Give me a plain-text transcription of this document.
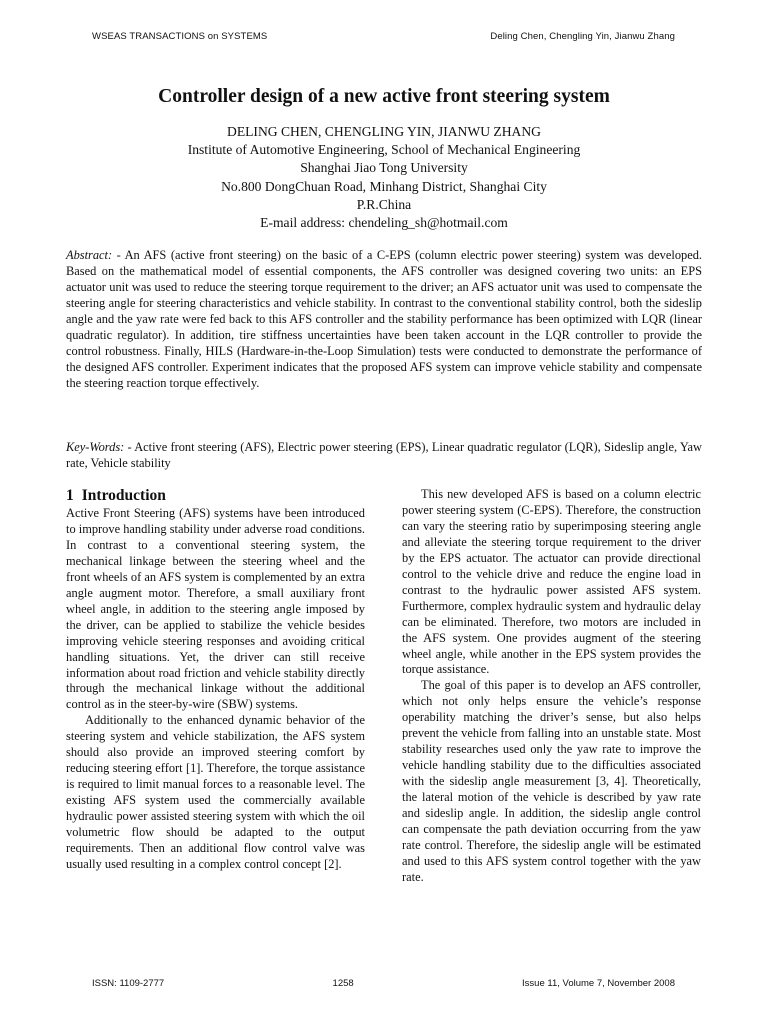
WSEAS TRANSACTIONS on SYSTEMS	Deling Chen, Chengling Yin, Jianwu Zhang
Controller design of a new active front steering system
DELING CHEN, CHENGLING YIN, JIANWU ZHANG
Institute of Automotive Engineering, School of Mechanical Engineering
Shanghai Jiao Tong University
No.800 DongChuan Road, Minhang District, Shanghai City
P.R.China
E-mail address: chendeling_sh@hotmail.com

Abstract: - An AFS (active front steering) on the basic of a C-EPS (column electric power steering) system was developed. Based on the mathematical model of essential components, the AFS controller was designed covering two units: an EPS actuator unit was used to reduce the steering torque requirement to the driver; an AFS actuator unit was used to compensate the steering angle for steering characteristics and vehicle stability. In contrast to the conventional stability control, both the sideslip angle and the yaw rate were fed back to this AFS controller and the stability performance has been optimized with LQR (linear quadratic regulator). In addition, tire stiffness uncertainties have been taken account in the LQR controller to provide the control robustness. Finally, HILS (Hardware-in-the-Loop Simulation) tests were conducted to demonstrate the performance of the designed AFS controller. Experiment indicates that the proposed AFS system can improve vehicle stability and compensate the steering reaction torque effectively.

Key-Words: - Active front steering (AFS), Electric power steering (EPS), Linear quadratic regulator (LQR), Sideslip angle, Yaw rate, Vehicle stability

1 Introduction

Active Front Steering (AFS) systems have been introduced to improve handling stability under adverse road conditions. In contrast to a conventional steering system, the mechanical linkage between the steering wheel and the front wheels of an AFS system is complemented by an extra angle augment motor. Therefore, a small auxiliary front wheel angle, in addition to the steering angle imposed by the driver, can be applied to stabilize the vehicle besides improving vehicle steering responses and avoiding critical handling situations. Yet, the driver can still receive information about road friction and vehicle stability directly through the mechanical linkage without the additional control as in the steer-by-wire (SBW) systems.

Additionally to the enhanced dynamic behavior of the steering system and vehicle stabilization, the AFS system should also provide an improved steering comfort by reducing steering effort [1]. Therefore, the torque assistance is required to limit manual forces to a reasonable level. The existing AFS system used the commercially available hydraulic power assisted steering system with which the oil volumetric flow should be adapted to the output requirements. Then an additional flow control valve was usually used resulting in a complex control concept [2].

This new developed AFS is based on a column electric power steering system (C-EPS). Therefore, the construction can vary the steering ratio by superimposing steering angle and alleviate the steering torque requirement to the driver by the EPS actuator. The actuator can provide directional control to the vehicle drive and reduce the engine load in contrast to the hydraulic power assisted AFS system. Furthermore, complex hydraulic system and hydraulic delay can be eliminated. Therefore, two motors are included in the AFS system. One provides augment of the steering wheel angle, while another in the EPS system provides the torque assistance.

The goal of this paper is to develop an AFS controller, which not only helps ensure the vehicle’s response operability matching the driver’s sense, but also helps prevent the vehicle from falling into an unstable state. Most stability researches used only the yaw rate to improve the vehicle handling stability due to the difficulties associated with the sideslip angle measurement [3, 4]. Theoretically, the lateral motion of the vehicle is described by yaw rate and sideslip angle. In addition, the sideslip angle control can compensate the path deviation occurring from the yaw rate control. Therefore, the sideslip angle will be estimated and used to this AFS system control together with the yaw rate.

ISSN: 1109-2777	1258	Issue 11, Volume 7, November 2008
